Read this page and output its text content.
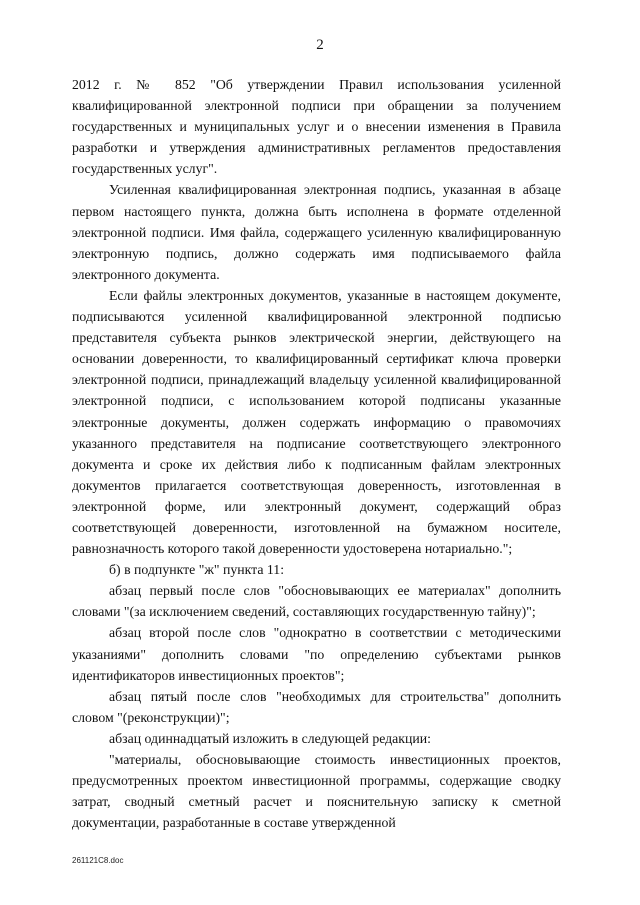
2

2012 г. № 852 "Об утверждении Правил использования усиленной квалифицированной электронной подписи при обращении за получением государственных и муниципальных услуг и о внесении изменения в Правила разработки и утверждения административных регламентов предоставления государственных услуг".

Усиленная квалифицированная электронная подпись, указанная в абзаце первом настоящего пункта, должна быть исполнена в формате отделенной электронной подписи. Имя файла, содержащего усиленную квалифицированную электронную подпись, должно содержать имя подписываемого файла электронного документа.

Если файлы электронных документов, указанные в настоящем документе, подписываются усиленной квалифицированной электронной подписью представителя субъекта рынков электрической энергии, действующего на основании доверенности, то квалифицированный сертификат ключа проверки электронной подписи, принадлежащий владельцу усиленной квалифицированной электронной подписи, с использованием которой подписаны указанные электронные документы, должен содержать информацию о правомочиях указанного представителя на подписание соответствующего электронного документа и сроке их действия либо к подписанным файлам электронных документов прилагается соответствующая доверенность, изготовленная в электронной форме, или электронный документ, содержащий образ соответствующей доверенности, изготовленной на бумажном носителе, равнозначность которого такой доверенности удостоверена нотариально.";

б) в подпункте "ж" пункта 11:

абзац первый после слов "обосновывающих ее материалах" дополнить словами "(за исключением сведений, составляющих государственную тайну)";

абзац второй после слов "однократно в соответствии с методическими указаниями" дополнить словами "по определению субъектами рынков идентификаторов инвестиционных проектов";

абзац пятый после слов "необходимых для строительства" дополнить словом "(реконструкции)";

абзац одиннадцатый изложить в следующей редакции:

"материалы, обосновывающие стоимость инвестиционных проектов, предусмотренных проектом инвестиционной программы, содержащие сводку затрат, сводный сметный расчет и пояснительную записку к сметной документации, разработанные в составе утвержденной

261121C8.doc
